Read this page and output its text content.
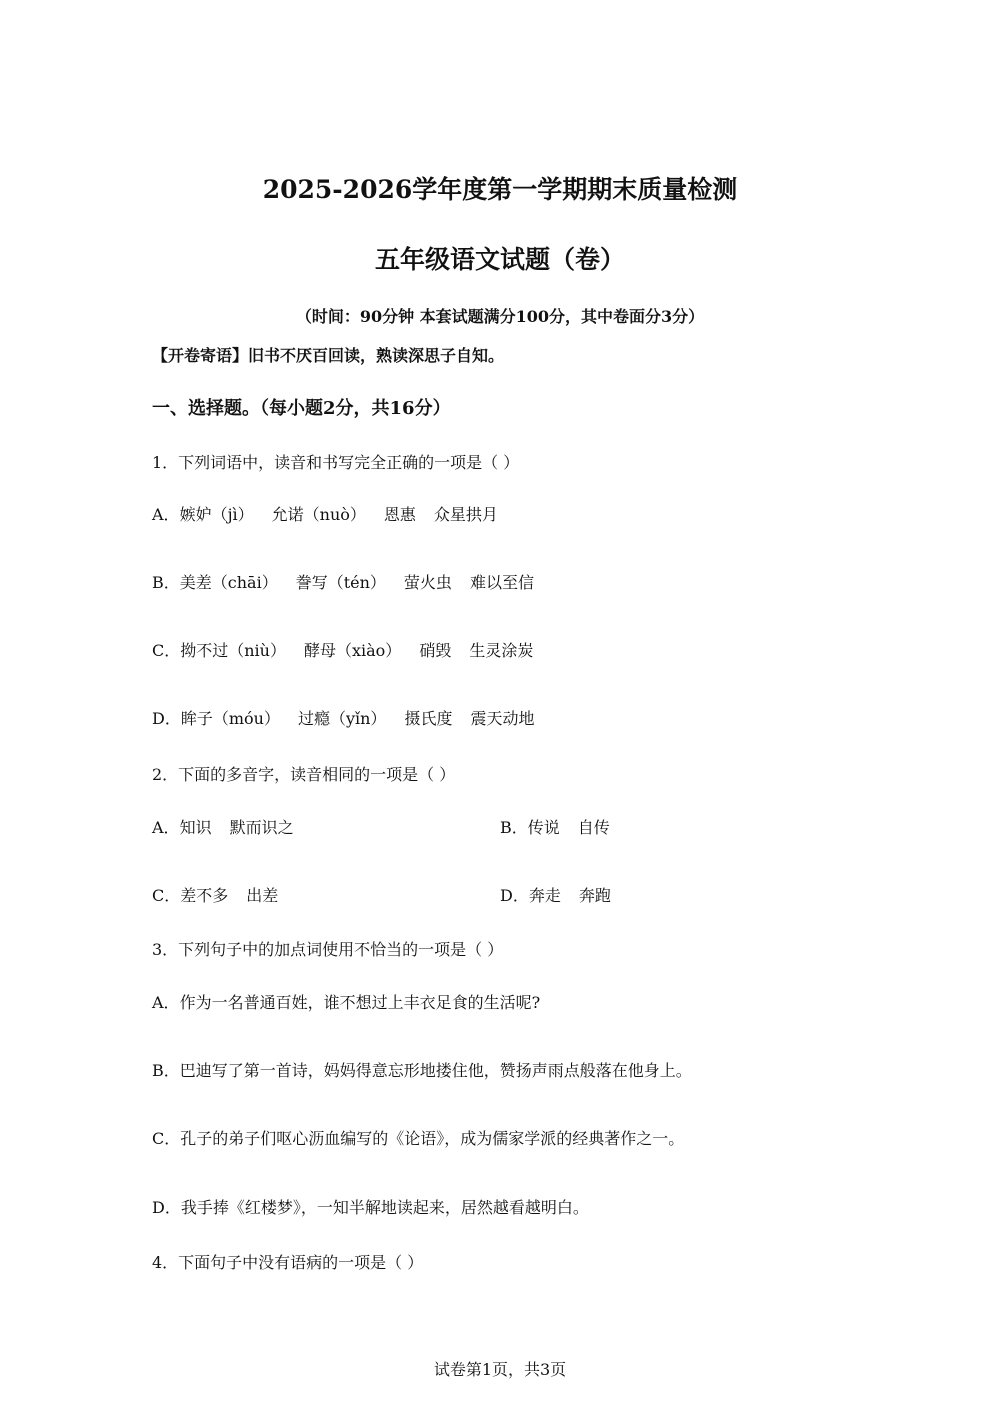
2025-2026学年度第一学期期末质量检测
五年级语文试题（卷）
（时间：90分钟 本套试题满分100分，其中卷面分3分）
【开卷寄语】旧书不厌百回读，熟读深思子自知。
一、选择题。（每小题2分，共16分）
1．下列词语中，读音和书写完全正确的一项是（ ）
A．嫉妒（jì） 允诺（nuò） 恩惠 众星拱月
B．美差（chāi） 誊写（tén） 萤火虫 难以至信
C．拗不过（niù） 酵母（xiào） 硝毁 生灵涂炭
D．眸子（móu） 过瘾（yǐn） 摄氏度 震天动地
2．下面的多音字，读音相同的一项是（ ）
A．知识 默而识之	B．传说 自传
C．差不多 出差	D．奔走 奔跑
3．下列句子中的加点词使用不恰当的一项是（ ）
A．作为一名普通百姓，谁不想过上丰衣足食的生活呢?
B．巴迪写了第一首诗，妈妈得意忘形地搂住他，赞扬声雨点般落在他身上。
C．孔子的弟子们呕心沥血编写的《论语》，成为儒家学派的经典著作之一。
D．我手捧《红楼梦》，一知半解地读起来，居然越看越明白。
4．下面句子中没有语病的一项是（ ）
试卷第1页，共3页
